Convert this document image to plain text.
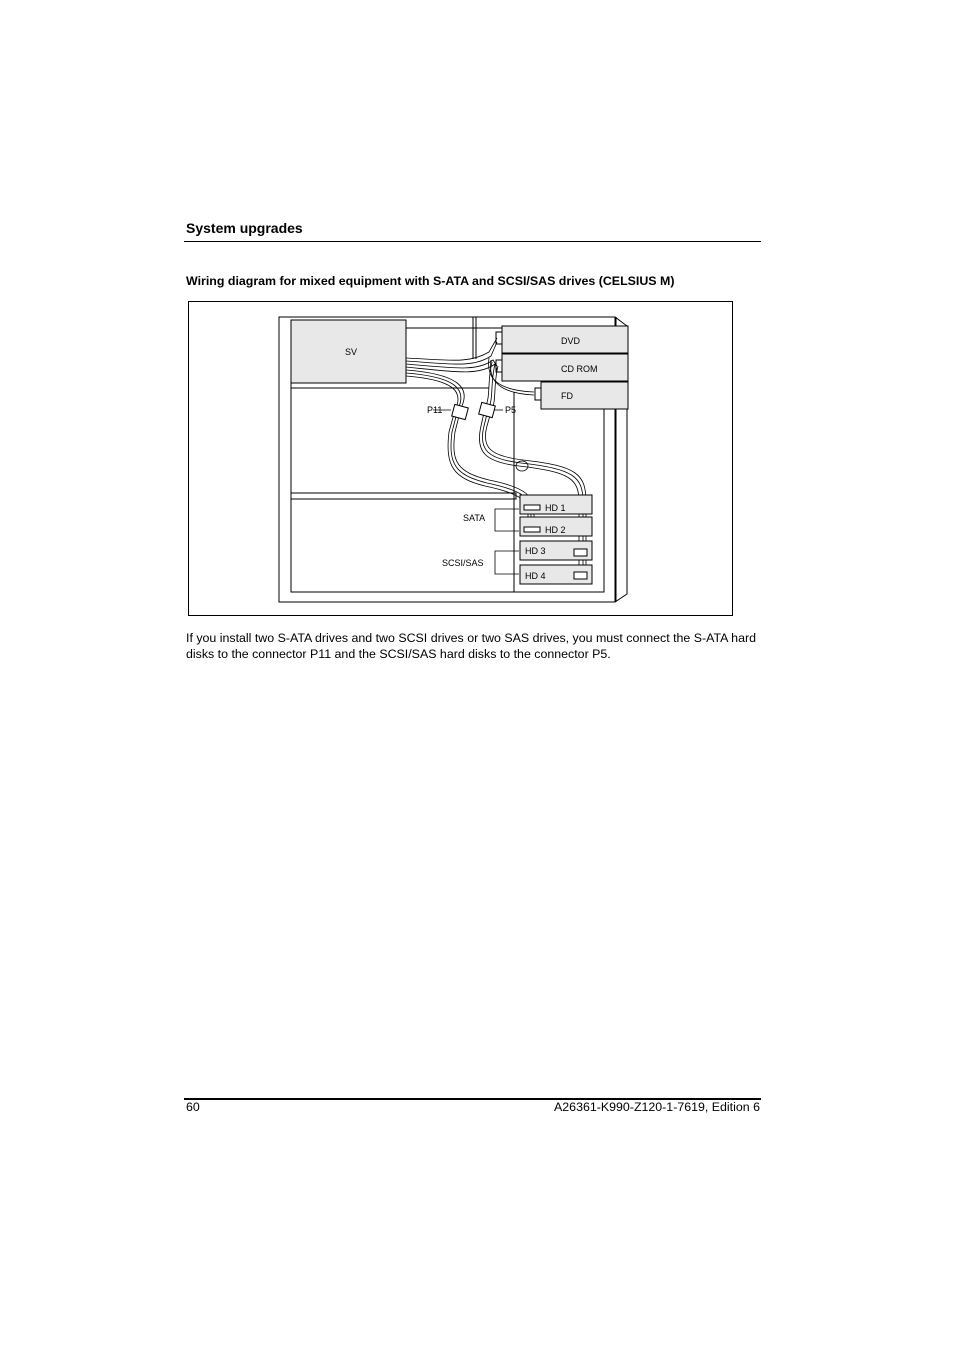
System upgrades
Wiring diagram for mixed equipment with S-ATA and SCSI/SAS drives (CELSIUS M)
SV
DVD
CD ROM
FD
P11	P5
HD 1
HD 2
HD 3
HD 4
SATA
SCSI/SAS
If you install two S-ATA drives and two SCSI drives or two SAS drives, you must connect the S-ATA hard disks to the connector P11 and the SCSI/SAS hard disks to the connector P5.
60	A26361-K990-Z120-1-7619, Edition 6
